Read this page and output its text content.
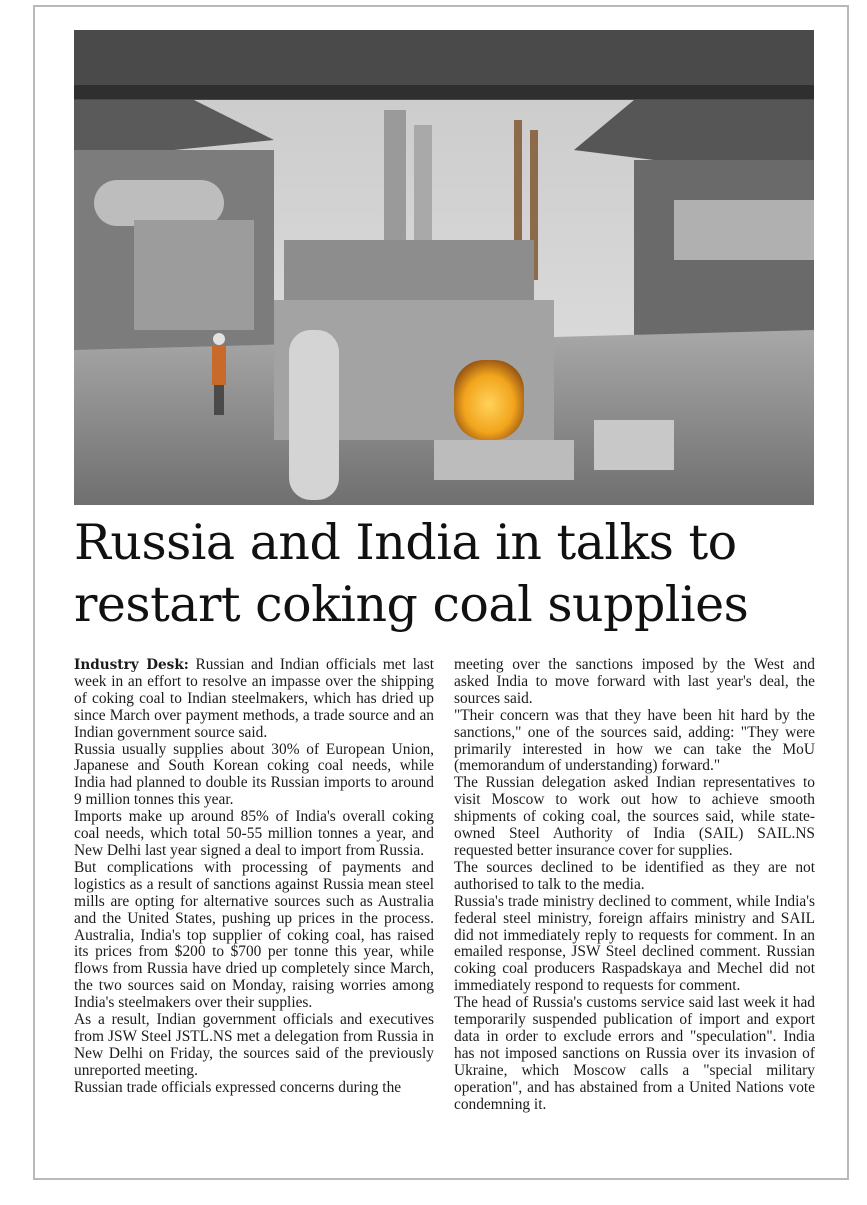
Russia and India in talks to
restart coking coal supplies

Industry Desk: Russian and Indian officials met last week in an effort to resolve an impasse over the shipping of coking coal to Indian steelmakers, which has dried up since March over payment methods, a trade source and an Indian government source said.

Russia usually supplies about 30% of European Union, Japanese and South Korean coking coal needs, while India had planned to double its Russian imports to around 9 million tonnes this year.

Imports make up around 85% of India's overall coking coal needs, which total 50-55 million tonnes a year, and New Delhi last year signed a deal to import from Russia.

But complications with processing of payments and logistics as a result of sanctions against Russia mean steel mills are opting for alternative sources such as Australia and the United States, pushing up prices in the process. Australia, India's top supplier of coking coal, has raised its prices from $200 to $700 per tonne this year, while flows from Russia have dried up completely since March, the two sources said on Monday, raising worries among India's steelmakers over their supplies.

As a result, Indian government officials and executives from JSW Steel JSTL.NS met a delegation from Russia in New Delhi on Friday, the sources said of the previously unreported meeting.

Russian trade officials expressed concerns during the

meeting over the sanctions imposed by the West and asked India to move forward with last year's deal, the sources said.

"Their concern was that they have been hit hard by the sanctions," one of the sources said, adding: "They were primarily interested in how we can take the MoU (memorandum of understanding) forward."

The Russian delegation asked Indian representatives to visit Moscow to work out how to achieve smooth shipments of coking coal, the sources said, while state-owned Steel Authority of India (SAIL) SAIL.NS requested better insurance cover for supplies.

The sources declined to be identified as they are not authorised to talk to the media.

Russia's trade ministry declined to comment, while India's federal steel ministry, foreign affairs ministry and SAIL did not immediately reply to requests for comment. In an emailed response, JSW Steel declined comment. Russian coking coal producers Raspadskaya and Mechel did not immediately respond to requests for comment.

The head of Russia's customs service said last week it had temporarily suspended publication of import and export data in order to exclude errors and "speculation". India has not imposed sanctions on Russia over its invasion of Ukraine, which Moscow calls a "special military operation", and has abstained from a United Nations vote condemning it.
